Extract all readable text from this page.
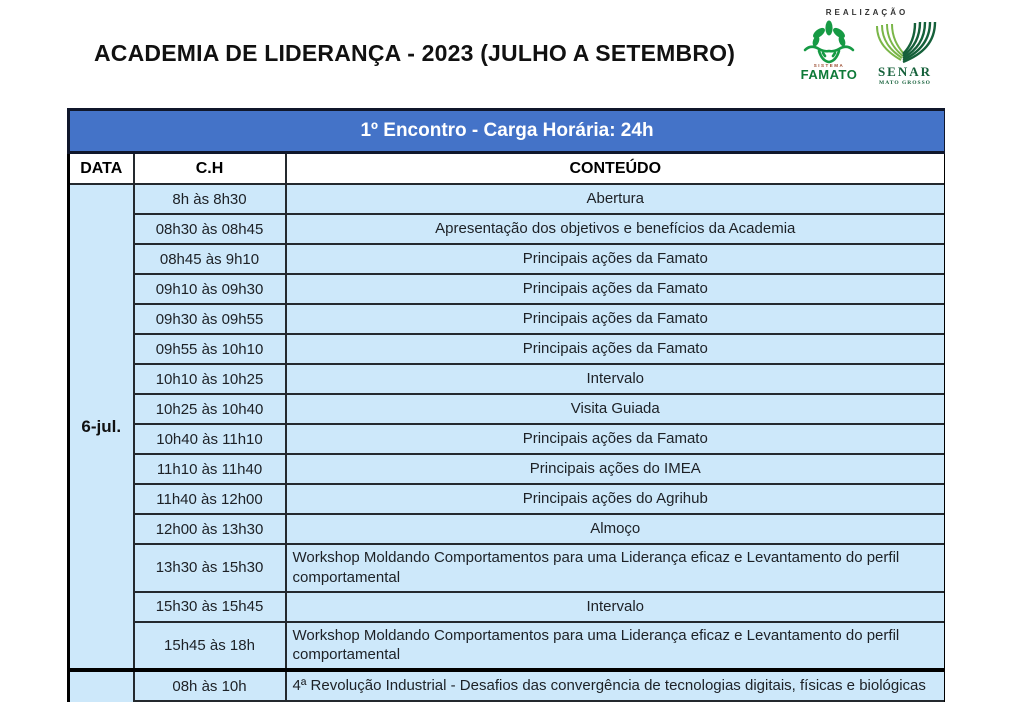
ACADEMIA DE LIDERANÇA - 2023 (JULHO A SETEMBRO)
REALIZAÇÃO
SISTEMA
FAMATO	SENAR
MATO GROSSO
1º Encontro - Carga Horária: 24h		
DATA	C.H	CONTEÚDO
6-jul.	8h às 8h30	Abertura
	08h30 às 08h45	Apresentação dos objetivos e benefícios da Academia
	08h45 às 9h10	Principais ações da Famato
	09h10 às 09h30	Principais ações da Famato
	09h30 às 09h55	Principais ações da Famato
	09h55 às 10h10	Principais ações da Famato
	10h10 às 10h25	Intervalo
	10h25 às 10h40	Visita Guiada
	10h40 às 11h10	Principais ações da Famato
	11h10 às 11h40	Principais ações do IMEA
	11h40 às 12h00	Principais ações do Agrihub
	12h00 às 13h30	Almoço
	13h30 às 15h30	Workshop Moldando Comportamentos para uma Liderança eficaz e Levantamento do perfil comportamental
	15h30 às 15h45	Intervalo
	15h45 às 18h	Workshop Moldando Comportamentos para uma Liderança eficaz e Levantamento do perfil comportamental
	08h às 10h	4ª Revolução Industrial - Desafios das convergência de tecnologias digitais, físicas e biológicas
